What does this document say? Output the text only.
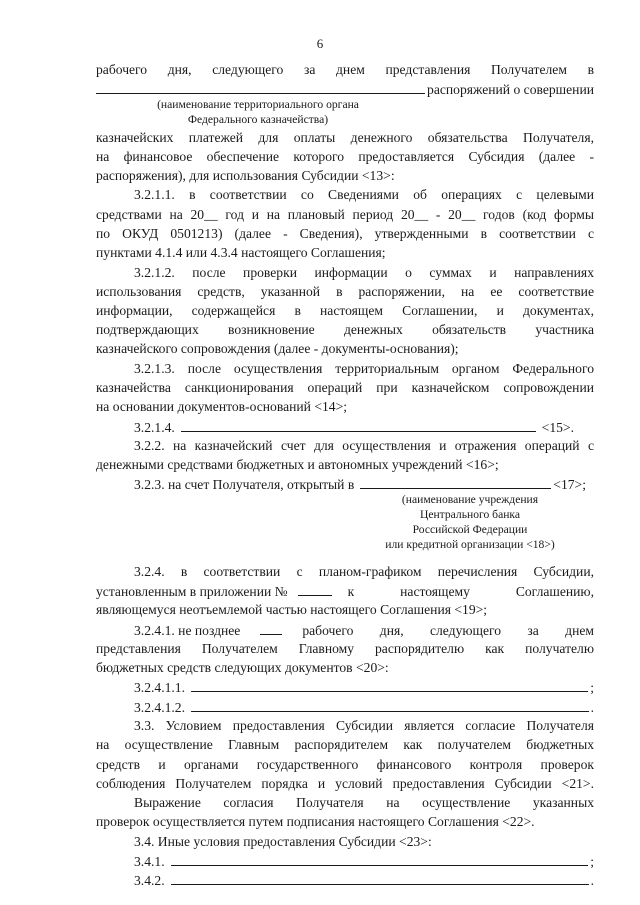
6
рабочего дня, следующего за днем представления Получателем в
распоряжений о совершении
(наименование территориального органа
Федерального казначейства)
казначейских платежей для оплаты денежного обязательства Получателя,
на финансовое обеспечение которого предоставляется Субсидия (далее -
распоряжения), для использования Субсидии <13>:
3.2.1.1. в соответствии со Сведениями об операциях с целевыми
средствами на 20__ год и на плановый период 20__ - 20__ годов (код формы
по ОКУД 0501213) (далее - Сведения), утвержденными в соответствии с
пунктами 4.1.4 или 4.3.4 настоящего Соглашения;
3.2.1.2. после проверки информации о суммах и направлениях
использования средств, указанной в распоряжении, на ее соответствие
информации, содержащейся в настоящем Соглашении, и документах,
подтверждающих возникновение денежных обязательств участника
казначейского сопровождения (далее - документы-основания);
3.2.1.3. после осуществления территориальным органом Федерального
казначейства санкционирования операций при казначейском сопровождении
на основании документов-оснований <14>;
3.2.1.4.	<15>.
3.2.2. на казначейский счет для осуществления и отражения операций с
денежными средствами бюджетных и автономных учреждений <16>;
3.2.3. на счет Получателя, открытый в	<17>;
(наименование учреждения
Центрального банка
Российской Федерации
или кредитной организации <18>)
3.2.4. в соответствии с планом-графиком перечисления Субсидии,
установленным в приложении №	к настоящему Соглашению,
являющемуся неотъемлемой частью настоящего Соглашения <19>;
3.2.4.1. не позднее	рабочего дня, следующего за днем
представления Получателем Главному распорядителю как получателю
бюджетных средств следующих документов <20>:
3.2.4.1.1.	;
3.2.4.1.2.	.
3.3. Условием предоставления Субсидии является согласие Получателя
на осуществление Главным распорядителем как получателем бюджетных
средств и органами государственного финансового контроля проверок
соблюдения Получателем порядка и условий предоставления Субсидии <21>.
Выражение согласия Получателя на осуществление указанных
проверок осуществляется путем подписания настоящего Соглашения <22>.
3.4. Иные условия предоставления Субсидии <23>:
3.4.1.	;
3.4.2.	.
